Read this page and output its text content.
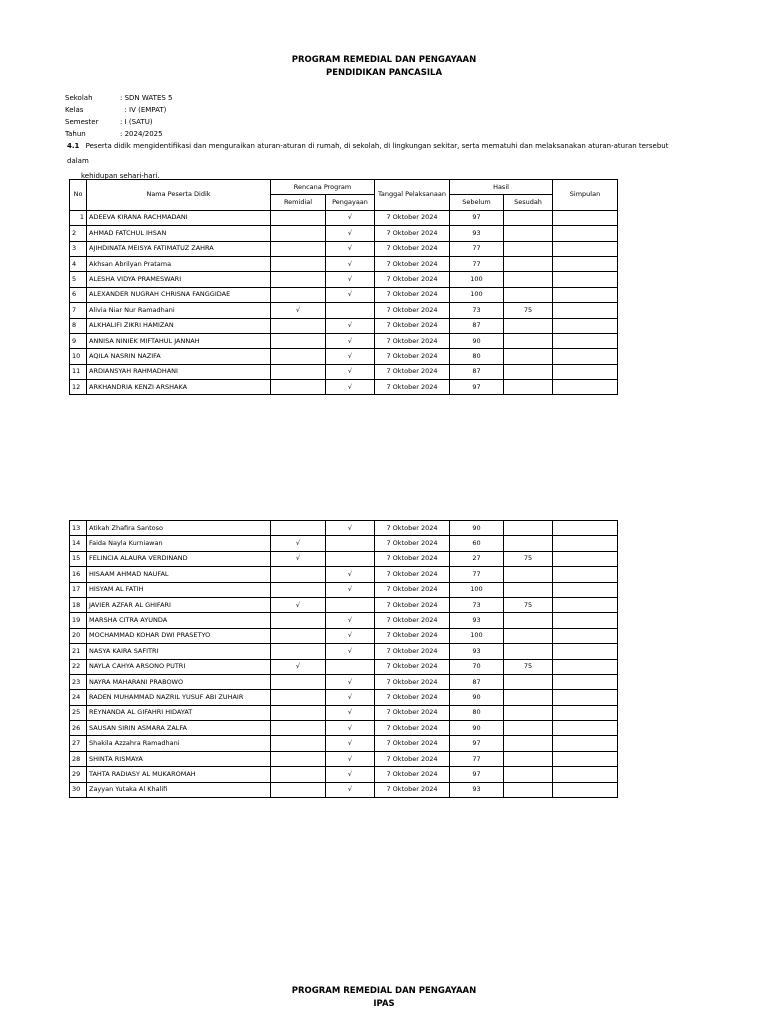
PROGRAM REMEDIAL DAN PENGAYAAN
PENDIDIKAN PANCASILA
Sekolah	: SDN WATES 5
Kelas	: IV (EMPAT)
Semester	: I (SATU)
Tahun	: 2024/2025
4.1 Peserta didik mengidentifikasi dan menguraikan aturan-aturan di rumah, di sekolah, di lingkungan sekitar, serta mematuhi dan melaksanakan aturan-aturan tersebut dalam
kehidupan sehari-hari.
No	Nama Peserta Didik	Rencana Program		Tanggal Pelaksanaan	Hasil		Simpulan
		Remidial	Pengayaan		Sebelum	Sesudah	
1	ADEEVA KIRANA RACHMADANI		√	7 Oktober 2024	97		
2	AHMAD FATCHUL IHSAN		√	7 Oktober 2024	93		
3	AJIHDINATA MEISYA FATIMATUZ ZAHRA		√	7 Oktober 2024	77		
4	Akhsan Abrilyan Pratama		√	7 Oktober 2024	77		
5	ALESHA VIDYA PRAMESWARI		√	7 Oktober 2024	100		
6	ALEXANDER NUGRAH CHRISNA FANGGIDAE		√	7 Oktober 2024	100		
7	Alivia Niar Nur Ramadhani	√		7 Oktober 2024	73	75	
8	ALKHALIFI ZIKRI HAMIZAN		√	7 Oktober 2024	87		
9	ANNISA NINIEK MIFTAHUL JANNAH		√	7 Oktober 2024	90		
10	AQILA NASRIN NAZIFA		√	7 Oktober 2024	80		
11	ARDIANSYAH RAHMADHANI		√	7 Oktober 2024	87		
12	ARKHANDRIA KENZI ARSHAKA		√	7 Oktober 2024	97		
13	Atikah Zhafira Santoso		√	7 Oktober 2024	90		
14	Faida Nayla Kurniawan	√		7 Oktober 2024	60		
15	FELINCIA ALAURA VERDINAND	√		7 Oktober 2024	27	75	
16	HISAAM AHMAD NAUFAL		√	7 Oktober 2024	77		
17	HISYAM AL FATIH		√	7 Oktober 2024	100		
18	JAVIER AZFAR AL GHIFARI	√		7 Oktober 2024	73	75	
19	MARSHA CITRA AYUNDA		√	7 Oktober 2024	93		
20	MOCHAMMAD KOHAR DWI PRASETYO		√	7 Oktober 2024	100		
21	NASYA KAIRA SAFITRI		√	7 Oktober 2024	93		
22	NAYLA CAHYA ARSONO PUTRI	√		7 Oktober 2024	70	75	
23	NAYRA MAHARANI PRABOWO		√	7 Oktober 2024	87		
24	RADEN MUHAMMAD NAZRIL YUSUF ABI ZUHAIR		√	7 Oktober 2024	90		
25	REYNANDA AL GIFAHRI HIDAYAT		√	7 Oktober 2024	80		
26	SAUSAN SIRIN ASMARA ZALFA		√	7 Oktober 2024	90		
27	Shakila Azzahra Ramadhani		√	7 Oktober 2024	97		
28	SHINTA RISMAYA		√	7 Oktober 2024	77		
29	TAHTA RADIASY AL MUKAROMAH		√	7 Oktober 2024	97		
30	Zayyan Yutaka Al Khalifi		√	7 Oktober 2024	93		
PROGRAM REMEDIAL DAN PENGAYAAN
IPAS
